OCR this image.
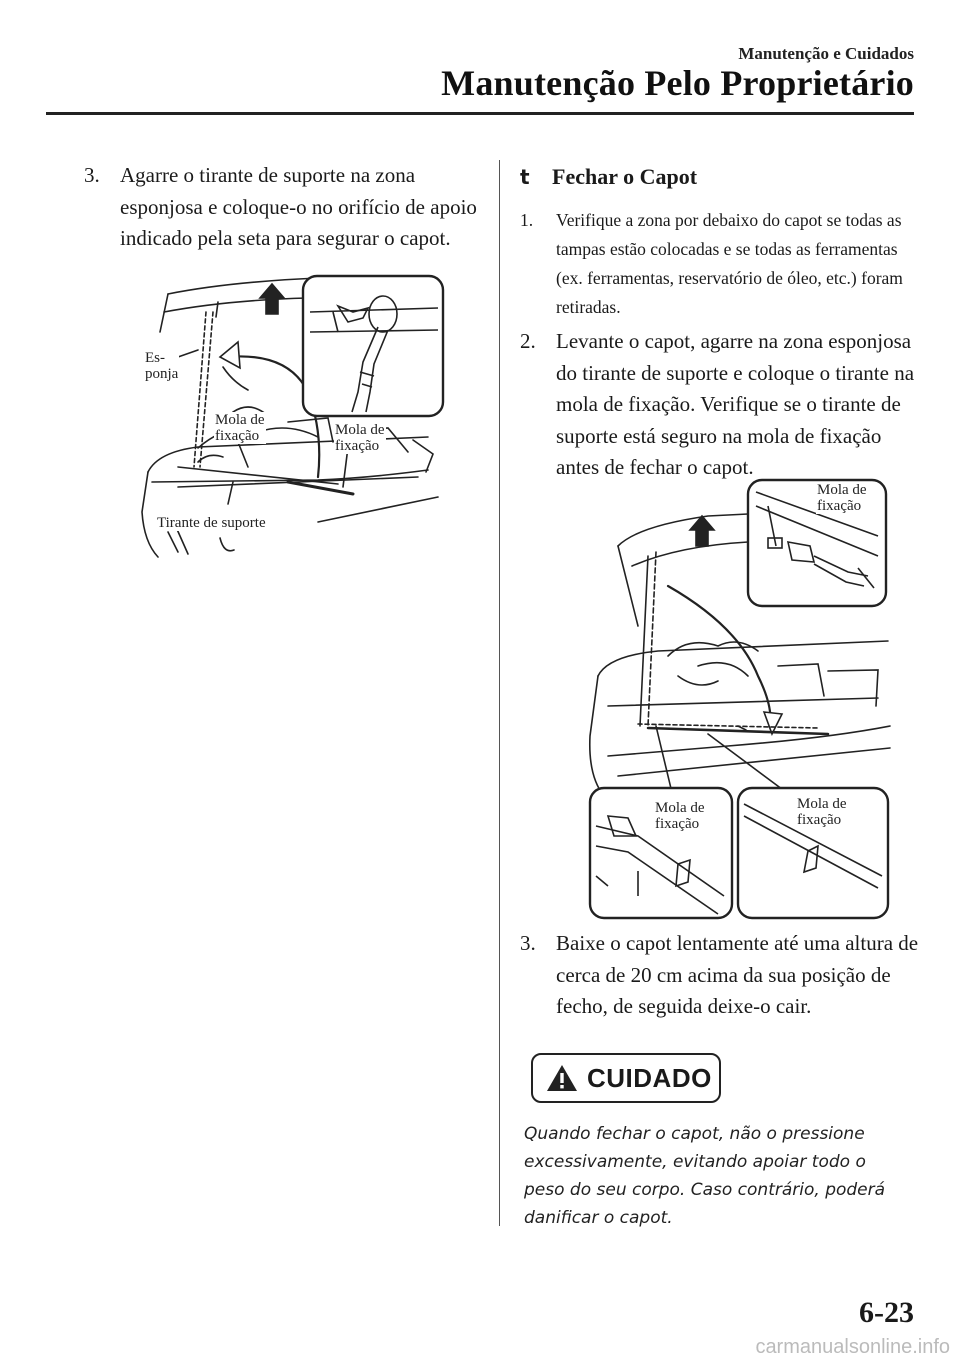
Manutenção e Cuidados
Manutenção Pelo Proprietário

3. Agarre o tirante de suporte na zona esponjosa e coloque-o no orifício de apoio indicado pela seta para segurar o capot.

Es-
ponja
Mola de
fixação	Mola de
fixação
Tirante de suporte
t Fechar o Capot

1. Verifique a zona por debaixo do capot se todas as tampas estão colocadas e se todas as ferramentas (ex. ferramentas, reservatório de óleo, etc.) foram retiradas.

2. Levante o capot, agarre na zona esponjosa do tirante de suporte e coloque o tirante na mola de fixação. Verifique se o tirante de suporte está seguro na mola de fixação antes de fechar o capot.

Mola de
fixação
Mola de
fixação
Mola de
fixação

3. Baixe o capot lentamente até uma altura de cerca de 20 cm acima da sua posição de fecho, de seguida deixe-o cair.

CUIDADO
Quando fechar o capot, não o pressione excessivamente, evitando apoiar todo o peso do seu corpo. Caso contrário, poderá danificar o capot.
6-23
carmanualsonline.info
